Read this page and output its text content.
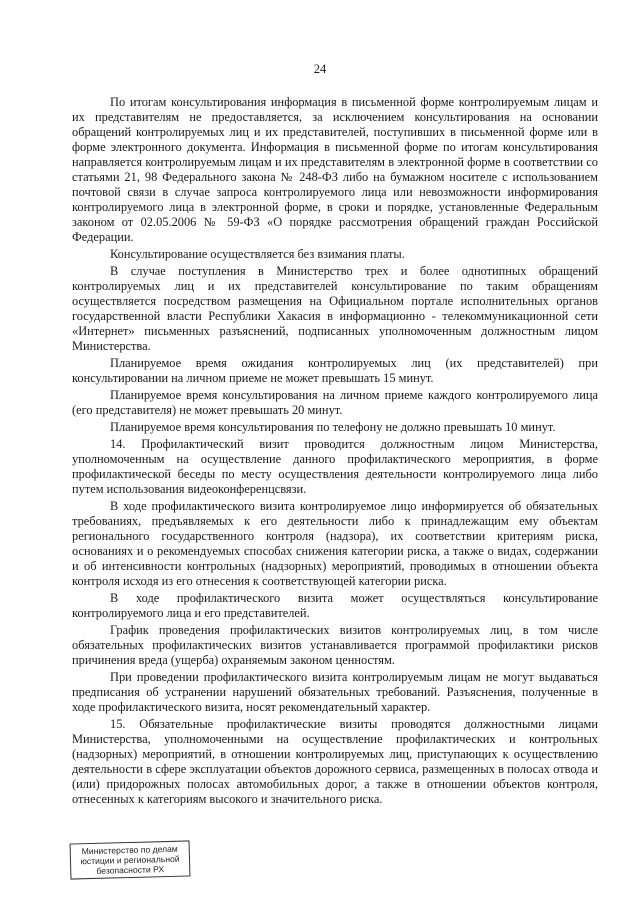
24

По итогам консультирования информация в письменной форме контролируемым лицам и их представителям не предоставляется, за исключением консультирования на основании обращений контролируемых лиц и их представителей, поступивших в письменной форме или в форме электронного документа. Информация в письменной форме по итогам консультирования направляется контролируемым лицам и их представителям в электронной форме в соответствии со статьями 21, 98 Федерального закона № 248-ФЗ либо на бумажном носителе с использованием почтовой связи в случае запроса контролируемого лица или невозможности информирования контролируемого лица в электронной форме, в сроки и порядке, установленные Федеральным законом от 02.05.2006 № 59-ФЗ «О порядке рассмотрения обращений граждан Российской Федерации.

Консультирование осуществляется без взимания платы.

В случае поступления в Министерство трех и более однотипных обращений контролируемых лиц и их представителей консультирование по таким обращениям осуществляется посредством размещения на Официальном портале исполнительных органов государственной власти Республики Хакасия в информационно - телекоммуникационной сети «Интернет» письменных разъяснений, подписанных уполномоченным должностным лицом Министерства.

Планируемое время ожидания контролируемых лиц (их представителей) при консультировании на личном приеме не может превышать 15 минут.

Планируемое время консультирования на личном приеме каждого контролируемого лица (его представителя) не может превышать 20 минут.

Планируемое время консультирования по телефону не должно превышать 10 минут.

14. Профилактический визит проводится должностным лицом Министерства, уполномоченным на осуществление данного профилактического мероприятия, в форме профилактической беседы по месту осуществления деятельности контролируемого лица либо путем использования видеоконференцсвязи.

В ходе профилактического визита контролируемое лицо информируется об обязательных требованиях, предъявляемых к его деятельности либо к принадлежащим ему объектам регионального государственного контроля (надзора), их соответствии критериям риска, основаниях и о рекомендуемых способах снижения категории риска, а также о видах, содержании и об интенсивности контрольных (надзорных) мероприятий, проводимых в отношении объекта контроля исходя из его отнесения к соответствующей категории риска.

В ходе профилактического визита может осуществляться консультирование контролируемого лица и его представителей.

График проведения профилактических визитов контролируемых лиц, в том числе обязательных профилактических визитов устанавливается программой профилактики рисков причинения вреда (ущерба) охраняемым законом ценностям.

При проведении профилактического визита контролируемым лицам не могут выдаваться предписания об устранении нарушений обязательных требований. Разъяснения, полученные в ходе профилактического визита, носят рекомендательный характер.

15. Обязательные профилактические визиты проводятся должностными лицами Министерства, уполномоченными на осуществление профилактических и контрольных (надзорных) мероприятий, в отношении контролируемых лиц, приступающих к осуществлению деятельности в сфере эксплуатации объектов дорожного сервиса, размещенных в полосах отвода и (или) придорожных полосах автомобильных дорог, а также в отношении объектов контроля, отнесенных к категориям высокого и значительного риска.

Министерство по делам
юстиции и региональной
безопасности РХ
